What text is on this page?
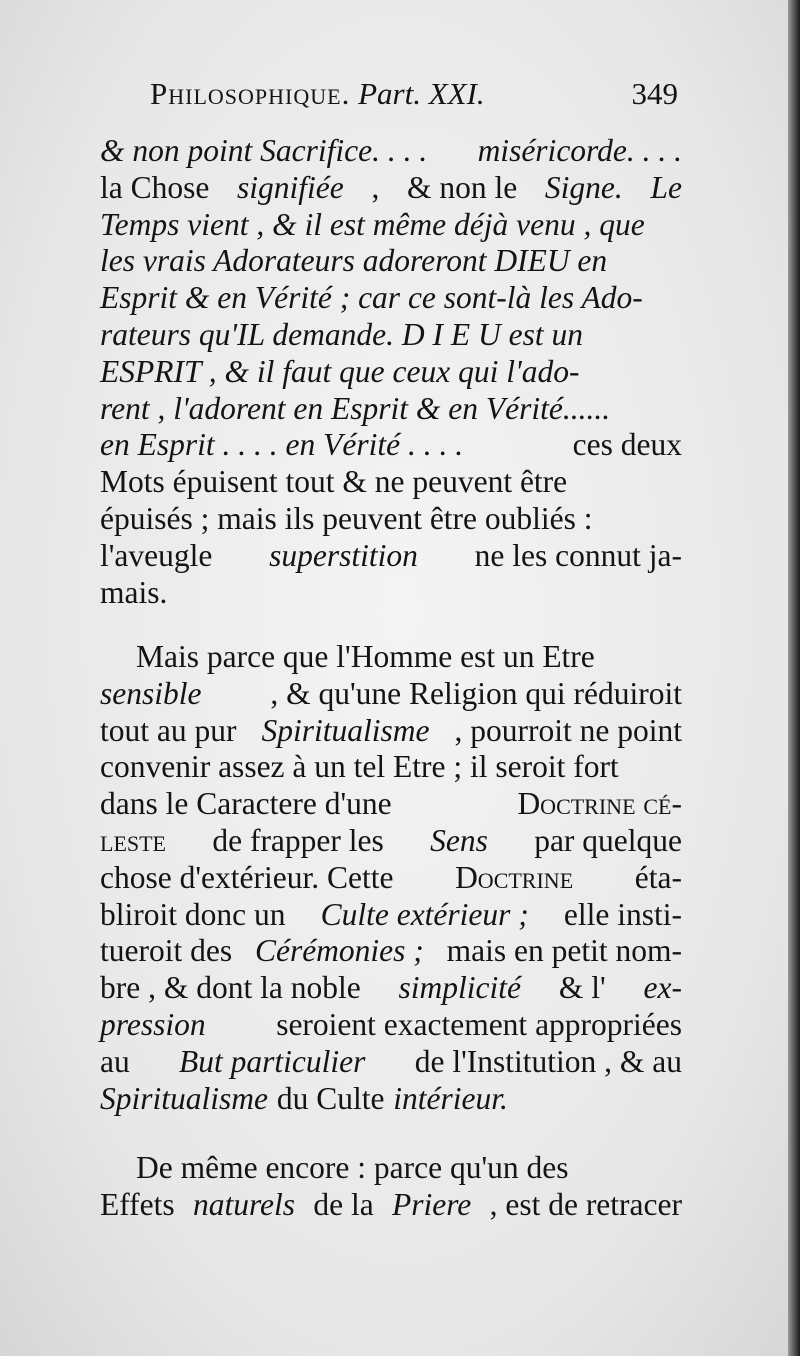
Philosophique. Part. XXI.	349
& non point Sacrifice. . . . miséricorde. . . .
la Chose signifiée , & non le Signe. Le
Temps vient , & il est même déjà venu , que
les vrais Adorateurs adoreront DIEU en
Esprit & en Vérité ; car ce sont-là les Ado-
rateurs qu'IL demande. D I E U est un
ESPRIT , & il faut que ceux qui l'ado-
rent , l'adorent en Esprit & en Vérité......
en Esprit . . . . en Vérité . . . .	ces deux
Mots épuisent tout & ne peuvent être
épuisés ; mais ils peuvent être oubliés :
l'aveugle superstition ne les connut ja-
mais.
Mais parce que l'Homme est un Etre
sensible , & qu'une Religion qui réduiroit
tout au pur Spiritualisme , pourroit ne point
convenir assez à un tel Etre ; il seroit fort
dans le Caractere d'une	Doctrine cé-
leste de frapper les Sens par quelque
chose d'extérieur. Cette Doctrine éta-
bliroit donc un Culte extérieur ; elle insti-
tueroit des Cérémonies ; mais en petit nom-
bre , & dont la noble simplicité & l' ex-
pression seroient exactement appropriées
au But particulier de l'Institution , & au
Spiritualisme du Culte intérieur.
De même encore : parce qu'un des
Effets naturels de la Priere , est de retracer
